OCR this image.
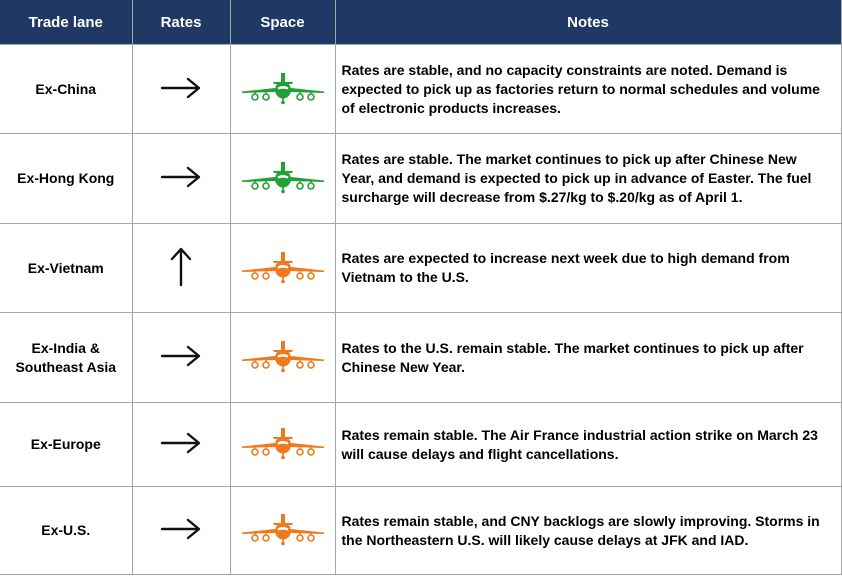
Trade lane	Rates	Space	Notes
Ex-China			Rates are stable, and no capacity constraints are noted. Demand is expected to pick up as factories return to normal schedules and volume of electronic products increases.
Ex-Hong Kong			Rates are stable. The market continues to pick up after Chinese New Year, and demand is expected to pick up in advance of Easter. The fuel surcharge will decrease from $.27/kg to $.20/kg as of April 1.
Ex-Vietnam			Rates are expected to increase next week due to high demand from Vietnam to the U.S.
Ex-India & Southeast Asia			Rates to the U.S. remain stable. The market continues to pick up after Chinese New Year.
Ex-Europe			Rates remain stable. The Air France industrial action strike on March 23 will cause delays and flight cancellations.
Ex-U.S.			Rates remain stable, and CNY backlogs are slowly improving. Storms in the Northeastern U.S. will likely cause delays at JFK and IAD.
